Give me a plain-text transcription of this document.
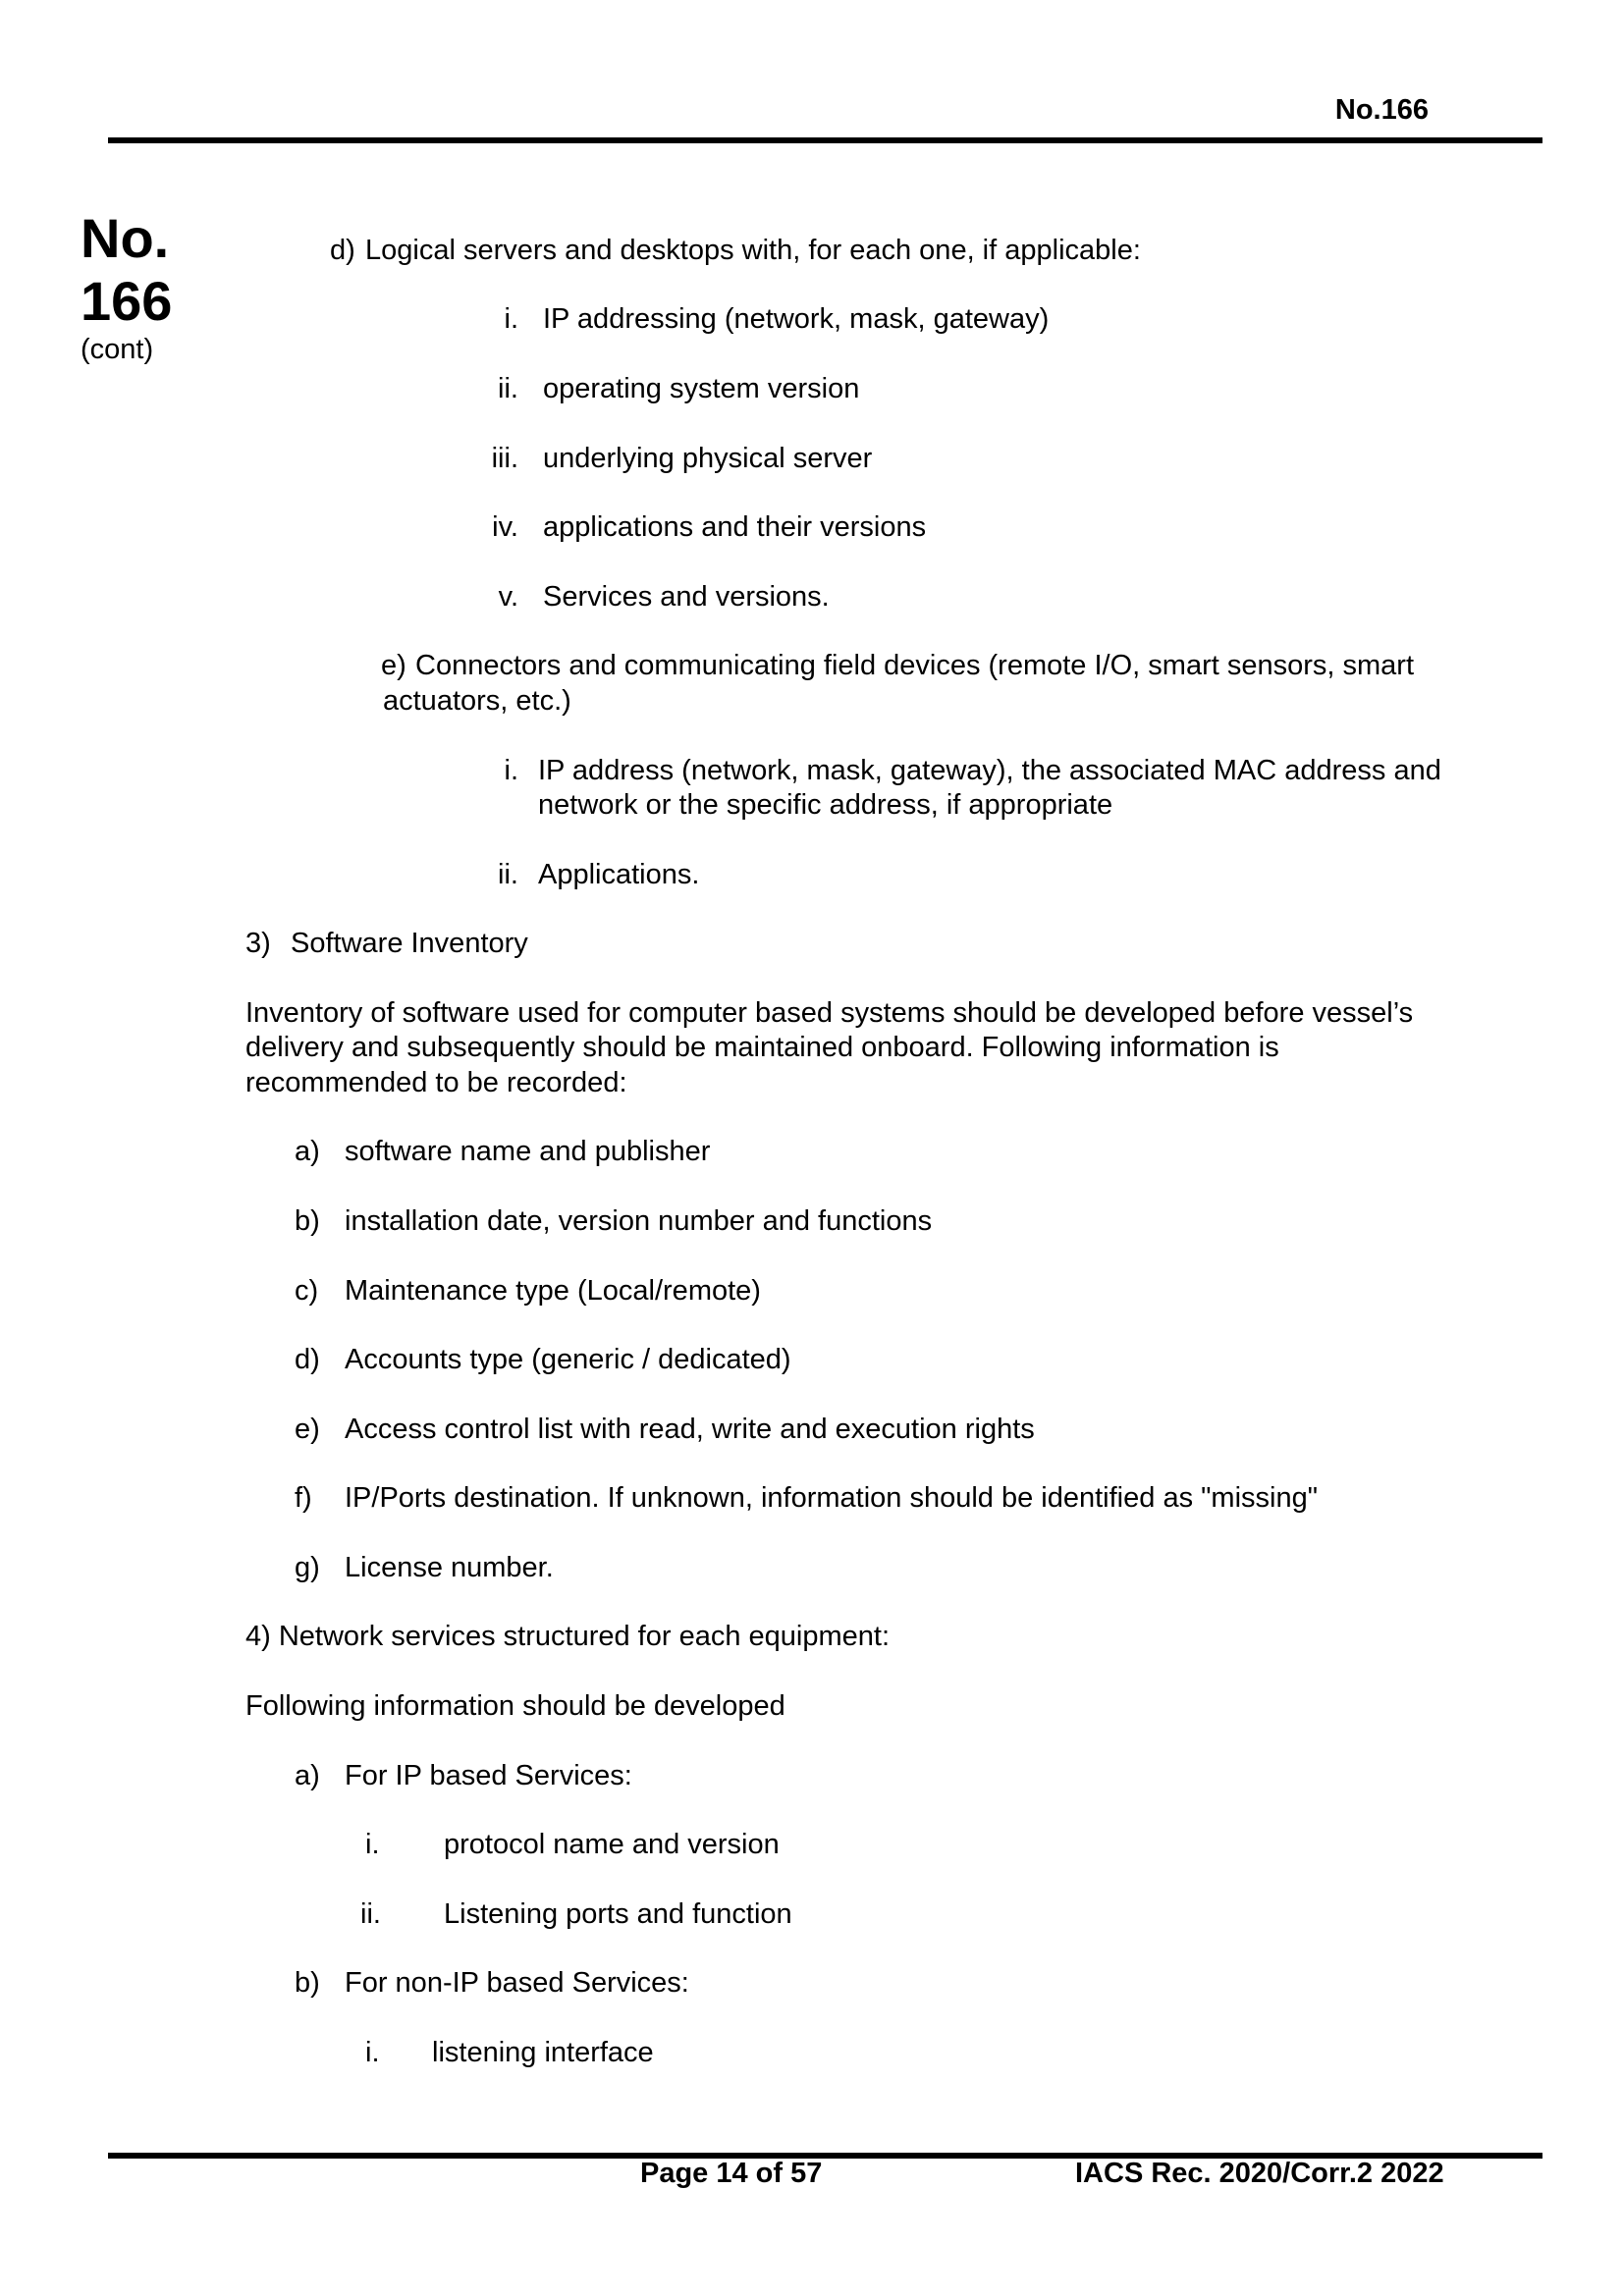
No.166
No.
166
(cont)
d) Logical servers and desktops with, for each one, if applicable:
i. IP addressing (network, mask, gateway)
ii. operating system version
iii. underlying physical server
iv. applications and their versions
v. Services and versions.
e) Connectors and communicating field devices (remote I/O, smart sensors, smart
actuators, etc.)
i. IP address (network, mask, gateway), the associated MAC address and
network or the specific address, if appropriate
ii. Applications.
3) Software Inventory
Inventory of software used for computer based systems should be developed before vessel’s
delivery and subsequently should be maintained onboard. Following information is
recommended to be recorded:
a) software name and publisher
b) installation date, version number and functions
c) Maintenance type (Local/remote)
d) Accounts type (generic / dedicated)
e) Access control list with read, write and execution rights
f) IP/Ports destination. If unknown, information should be identified as "missing"
g) License number.
4) Network services structured for each equipment:
Following information should be developed
a) For IP based Services:
i. protocol name and version
ii. Listening ports and function
b) For non-IP based Services:
i. listening interface
Page 14 of 57	IACS Rec. 2020/Corr.2 2022
